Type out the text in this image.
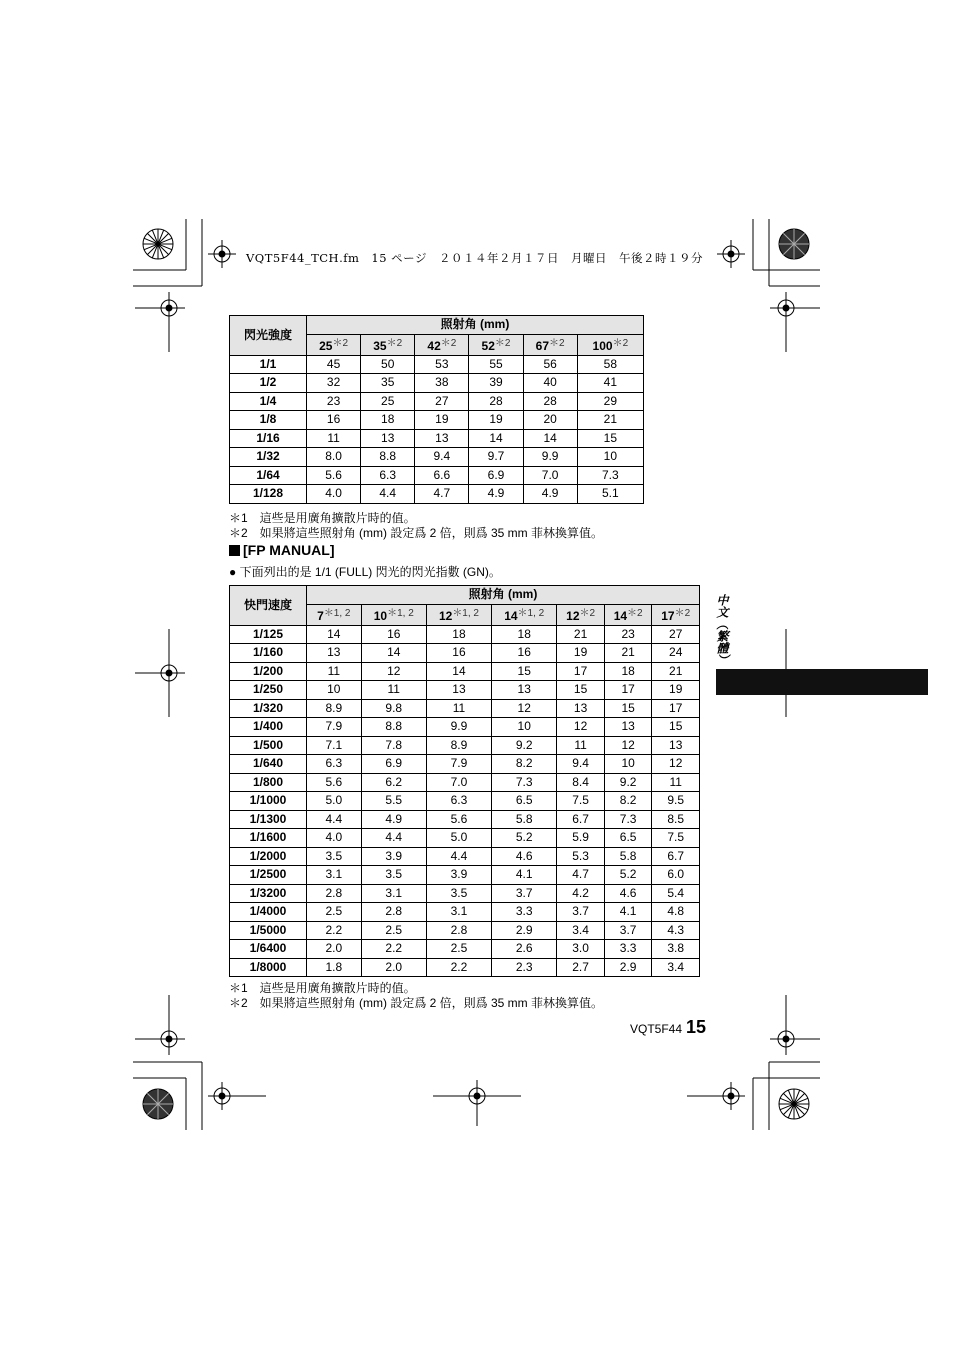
VQT5F44_TCH.fm　15 ページ　２０１４年２月１７日　月曜日　午後２時１９分
閃光強度	照射角 (mm)					
	$25^{*2}$	$35^{*2}$	$42^{*2}$	$52^{*2}$	$67^{*2}$	$100^{*2}$
1/1	45	50	53	55	56	58
1/2	32	35	38	39	40	41
1/4	23	25	27	28	28	29
1/8	16	18	19	19	20	21
1/16	11	13	13	14	14	15
1/32	8.0	8.8	9.4	9.7	9.9	10
1/64	5.6	6.3	6.6	6.9	7.0	7.3
1/128	4.0	4.4	4.7	4.9	4.9	5.1
＊1　這些是用廣角擴散片時的值。
＊2　如果將這些照射角 (mm) 設定爲 2 倍，則爲 35 mm 菲林換算值。
[FP MANUAL]
● 下面列出的是 1/1 (FULL) 閃光的閃光指數 (GN)。
快門速度	照射角 (mm)						
	$7^{*1, 2}$	$10^{*1, 2}$	$12^{*1, 2}$	$14^{*1, 2}$	$12^{*2}$	$14^{*2}$	$17^{*2}$
1/125	14	16	18	18	21	23	27
1/160	13	14	16	16	19	21	24
1/200	11	12	14	15	17	18	21
1/250	10	11	13	13	15	17	19
1/320	8.9	9.8	11	12	13	15	17
1/400	7.9	8.8	9.9	10	12	13	15
1/500	7.1	7.8	8.9	9.2	11	12	13
1/640	6.3	6.9	7.9	8.2	9.4	10	12
1/800	5.6	6.2	7.0	7.3	8.4	9.2	11
1/1000	5.0	5.5	6.3	6.5	7.5	8.2	9.5
1/1300	4.4	4.9	5.6	5.8	6.7	7.3	8.5
1/1600	4.0	4.4	5.0	5.2	5.9	6.5	7.5
1/2000	3.5	3.9	4.4	4.6	5.3	5.8	6.7
1/2500	3.1	3.5	3.9	4.1	4.7	5.2	6.0
1/3200	2.8	3.1	3.5	3.7	4.2	4.6	5.4
1/4000	2.5	2.8	3.1	3.3	3.7	4.1	4.8
1/5000	2.2	2.5	2.8	2.9	3.4	3.7	4.3
1/6400	2.0	2.2	2.5	2.6	3.0	3.3	3.8
1/8000	1.8	2.0	2.2	2.3	2.7	2.9	3.4
＊1　這些是用廣角擴散片時的值。
＊2　如果將這些照射角 (mm) 設定爲 2 倍，則爲 35 mm 菲林換算值。
中文（繁體）
VQT5F44 15
